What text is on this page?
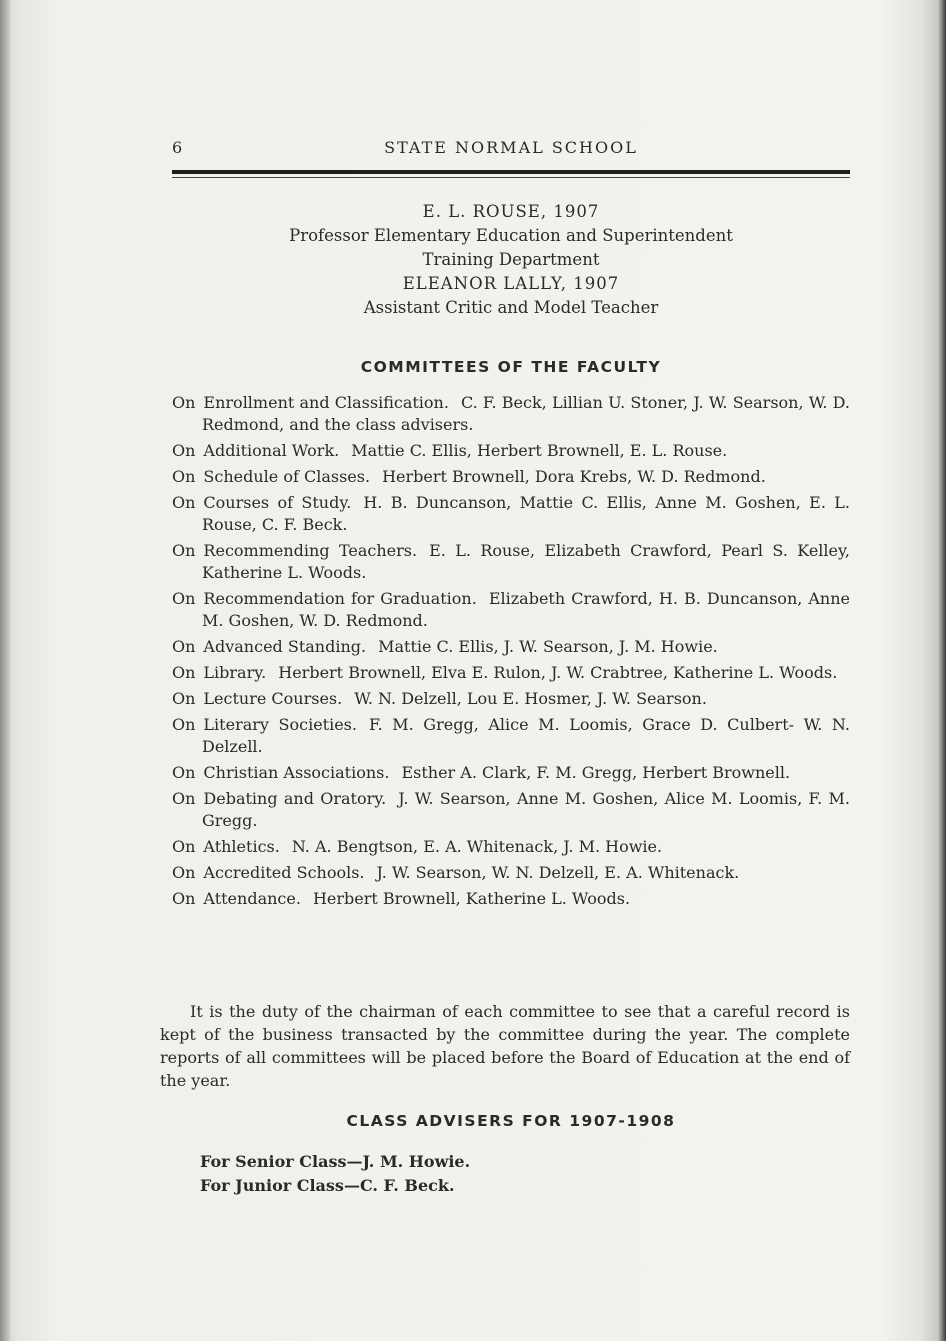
6	STATE NORMAL SCHOOL
E. L. ROUSE, 1907
Professor Elementary Education and Superintendent
Training Department
ELEANOR LALLY, 1907
Assistant Critic and Model Teacher
COMMITTEES OF THE FACULTY
On Enrollment and Classification. C. F. Beck, Lillian U. Stoner, J. W. Searson, W. D. Redmond, and the class advisers.
On Additional Work. Mattie C. Ellis, Herbert Brownell, E. L. Rouse.
On Schedule of Classes. Herbert Brownell, Dora Krebs, W. D. Redmond.
On Courses of Study. H. B. Duncanson, Mattie C. Ellis, Anne M. Goshen, E. L. Rouse, C. F. Beck.
On Recommending Teachers. E. L. Rouse, Elizabeth Crawford, Pearl S. Kelley, Katherine L. Woods.
On Recommendation for Graduation. Elizabeth Crawford, H. B. Duncanson, Anne M. Goshen, W. D. Redmond.
On Advanced Standing. Mattie C. Ellis, J. W. Searson, J. M. Howie.
On Library. Herbert Brownell, Elva E. Rulon, J. W. Crabtree, Katherine L. Woods.
On Lecture Courses. W. N. Delzell, Lou E. Hosmer, J. W. Searson.
On Literary Societies. F. M. Gregg, Alice M. Loomis, Grace D. Culbert- W. N. Delzell.
On Christian Associations. Esther A. Clark, F. M. Gregg, Herbert Brownell.
On Debating and Oratory. J. W. Searson, Anne M. Goshen, Alice M. Loomis, F. M. Gregg.
On Athletics. N. A. Bengtson, E. A. Whitenack, J. M. Howie.
On Accredited Schools. J. W. Searson, W. N. Delzell, E. A. Whitenack.
On Attendance. Herbert Brownell, Katherine L. Woods.
It is the duty of the chairman of each committee to see that a careful record is kept of the business transacted by the committee during the year. The complete reports of all committees will be placed before the Board of Education at the end of the year.
CLASS ADVISERS FOR 1907-1908
For Senior Class—J. M. Howie.
For Junior Class—C. F. Beck.
